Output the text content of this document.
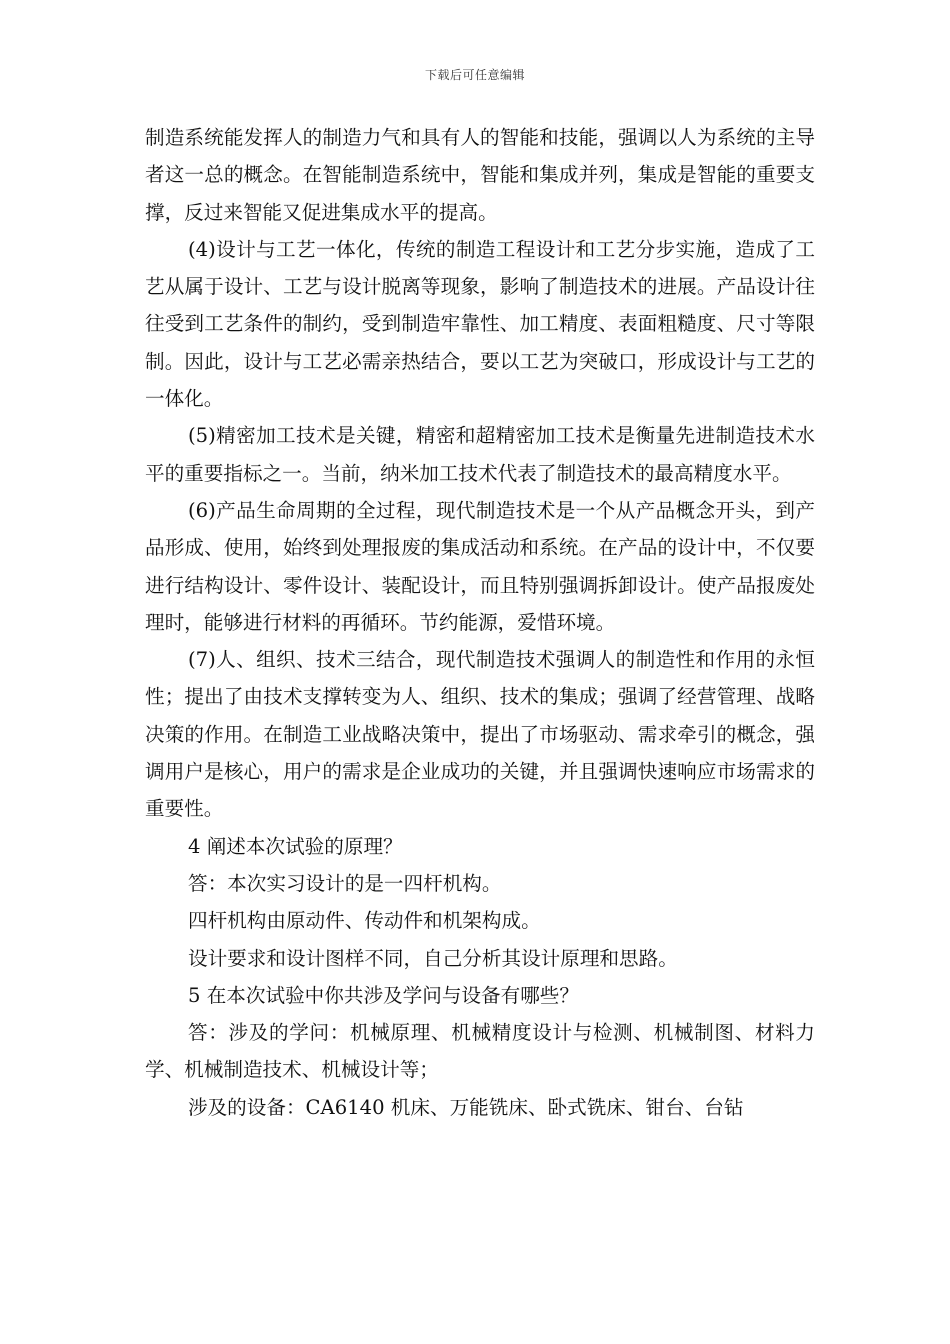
下载后可任意编辑

制造系统能发挥人的制造力气和具有人的智能和技能，强调以人为系统的主导者这一总的概念。在智能制造系统中，智能和集成并列，集成是智能的重要支撑，反过来智能又促进集成水平的提高。

(4)设计与工艺一体化，传统的制造工程设计和工艺分步实施，造成了工艺从属于设计、工艺与设计脱离等现象，影响了制造技术的进展。产品设计往往受到工艺条件的制约，受到制造牢靠性、加工精度、表面粗糙度、尺寸等限制。因此，设计与工艺必需亲热结合，要以工艺为突破口，形成设计与工艺的一体化。

(5)精密加工技术是关键，精密和超精密加工技术是衡量先进制造技术水平的重要指标之一。当前，纳米加工技术代表了制造技术的最高精度水平。

(6)产品生命周期的全过程，现代制造技术是一个从产品概念开头，到产品形成、使用，始终到处理报废的集成活动和系统。在产品的设计中，不仅要进行结构设计、零件设计、装配设计，而且特别强调拆卸设计。使产品报废处理时，能够进行材料的再循环。节约能源，爱惜环境。

(7)人、组织、技术三结合，现代制造技术强调人的制造性和作用的永恒性；提出了由技术支撑转变为人、组织、技术的集成；强调了经营管理、战略决策的作用。在制造工业战略决策中，提出了市场驱动、需求牵引的概念，强调用户是核心，用户的需求是企业成功的关键，并且强调快速响应市场需求的重要性。

4 阐述本次试验的原理？

答：本次实习设计的是一四杆机构。

四杆机构由原动件、传动件和机架构成。

设计要求和设计图样不同，自己分析其设计原理和思路。

5 在本次试验中你共涉及学问与设备有哪些？

答：涉及的学问：机械原理、机械精度设计与检测、机械制图、材料力学、机械制造技术、机械设计等；

涉及的设备：CA6140 机床、万能铣床、卧式铣床、钳台、台钻
